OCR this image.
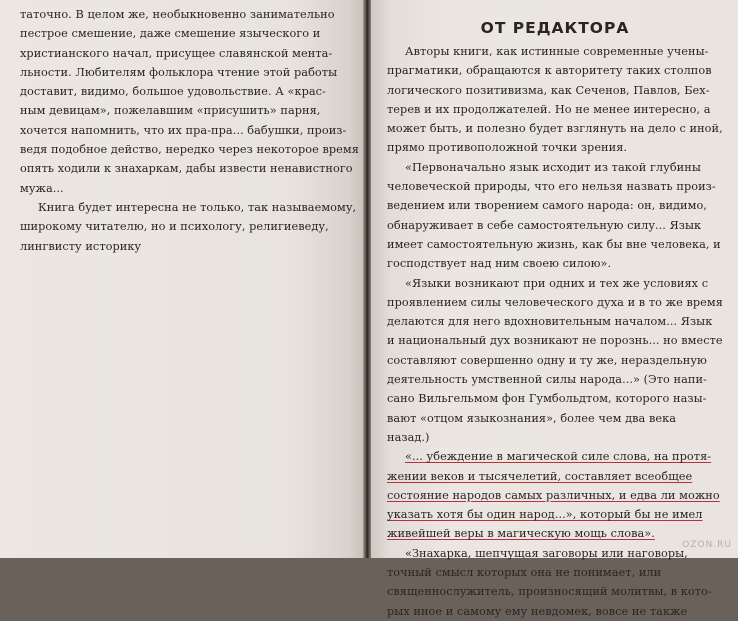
таточно. В целом же, необыкновенно занимательно
пестрое смешение, даже смешение языческого и
христианского начал, присущее славянской мента-
льности. Любителям фольклора чтение этой работы
доставит, видимо, большое удовольствие. А «крас-
ным девицам», пожелавшим «присушить» парня,
хочется напомнить, что их пра-пра... бабушки, произ-
ведя подобное действо, нередко через некоторое время
опять ходили к знахаркам, дабы извести ненавистного
мужа...
Книга будет интересна не только, так называемому,
широкому читателю, но и психологу, религиеведу,
лингвисту историку
ОТ РЕДАКТОРА
Авторы книги, как истинные современные учены-
прагматики, обращаются к авторитету таких столпов
логического позитивизма, как Сеченов, Павлов, Бех-
терев и их продолжателей. Но не менее интересно, а
может быть, и полезно будет взглянуть на дело с иной,
прямо противоположной точки зрения.
«Первоначально язык исходит из такой глубины
человеческой природы, что его нельзя назвать произ-
ведением или творением самого народа: он, видимо,
обнаруживает в себе самостоятельную силу... Язык
имеет самостоятельную жизнь, как бы вне человека, и
господствует над ним своею силою».
«Языки возникают при одних и тех же условиях с
проявлением силы человеческого духа и в то же время
делаются для него вдохновительным началом... Язык
и национальный дух возникают не порознь... но вместе
составляют совершенно одну и ту же, нераздельную
деятельность умственной силы народа...» (Это напи-
сано Вильгельмом фон Гумбольдтом, которого назы-
вают «отцом языкознания», более чем два века
назад.)
«... убеждение в магической силе слова, на протя-
жении веков и тысячелетий, составляет всеобщее
состояние народов самых различных, и едва ли можно
указать хотя бы один народ...», который бы не имел
живейшей веры в магическую мощь слова».
«Знахарка, шепчущая заговоры или наговоры,
точный смысл которых она не понимает, или
священнослужитель, произносящий молитвы, в кото-
рых иное и самому ему невдомек, вовсе не также
OZON.RU
